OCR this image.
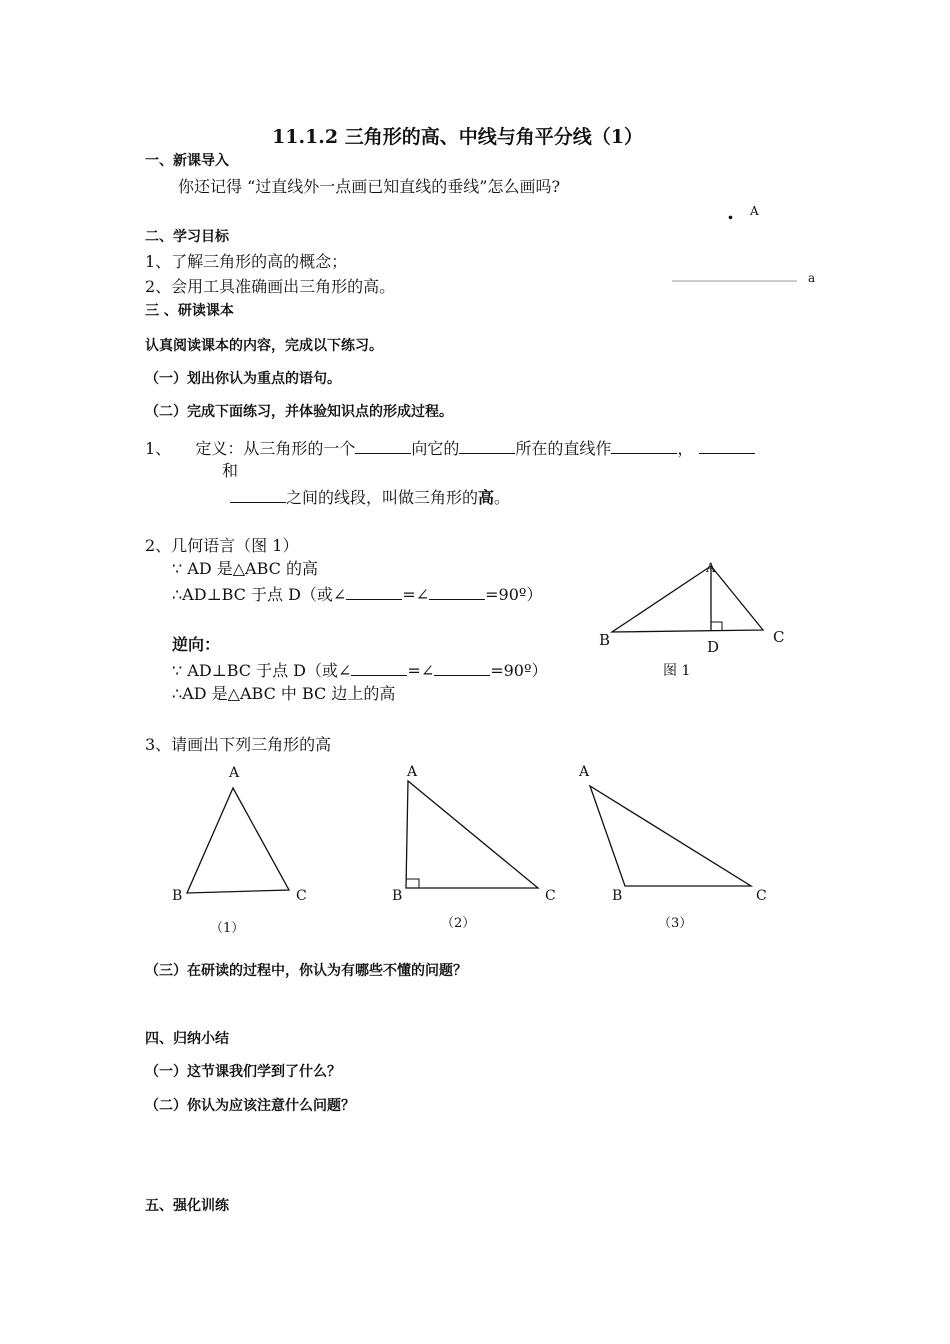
11.1.2 三角形的高、中线与角平分线（1）
一、新课导入
你还记得 “过直线外一点画已知直线的垂线”怎么画吗?
. A
a
二、学习目标
1、了解三角形的高的概念；
2、会用工具准确画出三角形的高。
三 、研读课本
认真阅读课本的内容，完成以下练习。
（一）划出你认为重点的语句。
（二）完成下面练习，并体验知识点的形成过程。
1、 定义：从三角形的一个	向它的	所在的直线作	，
和
之间的线段，叫做三角形的高。
2、几何语言（图 1）
∵ AD 是△ABC 的高
∴AD⊥BC 于点 D（或∠	=∠	=90º）
逆向：
∵ AD⊥BC 于点 D（或∠	=∠	=90º）
∴AD 是△ABC 中 BC 边上的高
A
B	C
D
图 1
3、请画出下列三角形的高
A
B	C
（1）
A
B	C
（2）
A
B	C
（3）
（三）在研读的过程中，你认为有哪些不懂的问题？
四、归纳小结
（一）这节课我们学到了什么？
（二）你认为应该注意什么问题？
五、强化训练
